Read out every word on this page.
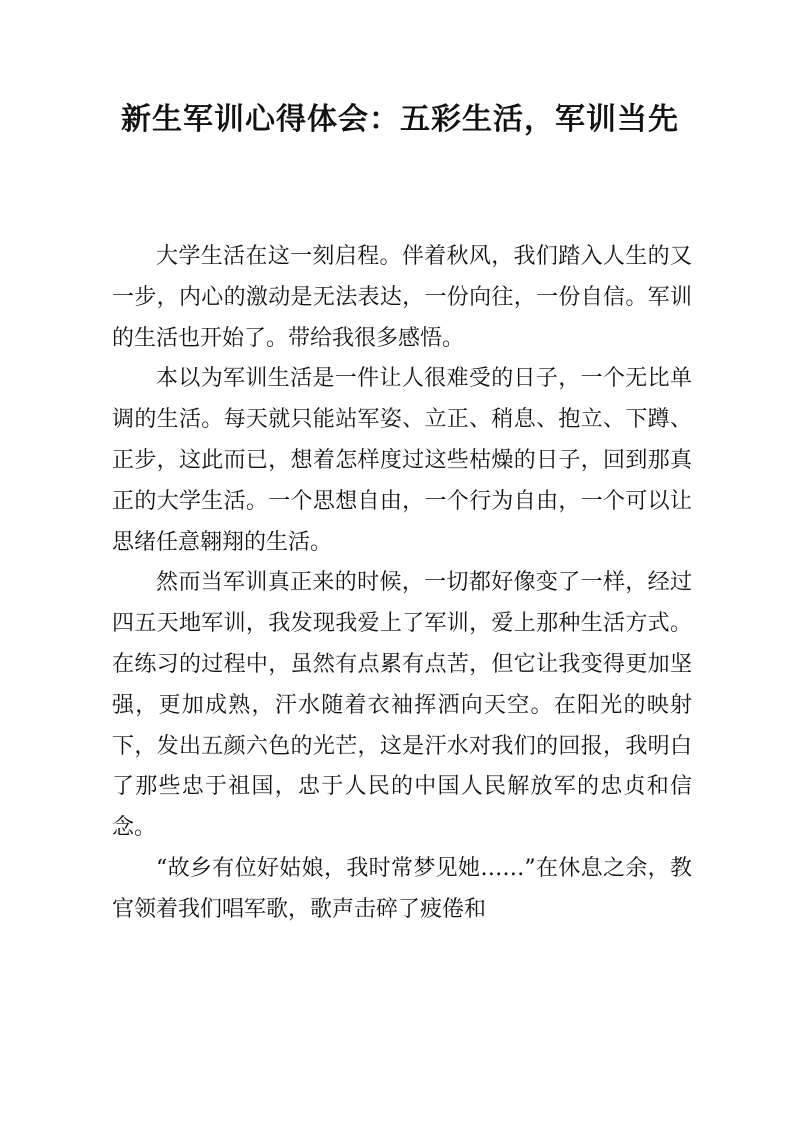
新生军训心得体会：五彩生活，军训当先

大学生活在这一刻启程。伴着秋风，我们踏入人生的又一步，内心的激动是无法表达，一份向往，一份自信。军训的生活也开始了。带给我很多感悟。

本以为军训生活是一件让人很难受的日子，一个无比单调的生活。每天就只能站军姿、立正、稍息、抱立、下蹲、正步，这此而已，想着怎样度过这些枯燥的日子，回到那真正的大学生活。一个思想自由，一个行为自由，一个可以让思绪任意翱翔的生活。

然而当军训真正来的时候，一切都好像变了一样，经过四五天地军训，我发现我爱上了军训，爱上那种生活方式。在练习的过程中，虽然有点累有点苦，但它让我变得更加坚强，更加成熟，汗水随着衣袖挥洒向天空。在阳光的映射下，发出五颜六色的光芒，这是汗水对我们的回报，我明白了那些忠于祖国，忠于人民的中国人民解放军的忠贞和信念。

“故乡有位好姑娘，我时常梦见她……”在休息之余，教官领着我们唱军歌，歌声击碎了疲倦和
